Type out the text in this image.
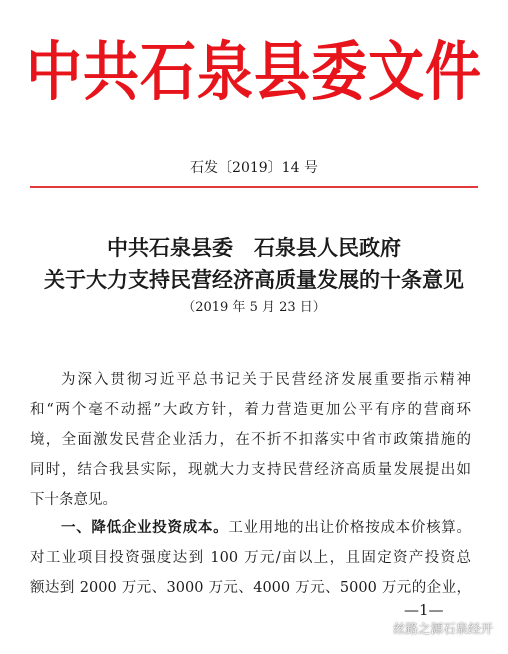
中共石泉县委文件
石发〔2019〕14 号
中共石泉县委　石泉县人民政府
关于大力支持民营经济高质量发展的十条意见
（2019 年 5 月 23 日）
为深入贯彻习近平总书记关于民营经济发展重要指示精神
和“两个毫不动摇”大政方针，着力营造更加公平有序的营商环
境，全面激发民营企业活力，在不折不扣落实中省市政策措施的
同时，结合我县实际，现就大力支持民营经济高质量发展提出如
下十条意见。
一、降低企业投资成本。工业用地的出让价格按成本价核算。
对工业项目投资强度达到 100 万元/亩以上，且固定资产投资总
额达到 2000 万元、3000 万元、4000 万元、5000 万元的企业，
—1—
丝路之源石泉经开
